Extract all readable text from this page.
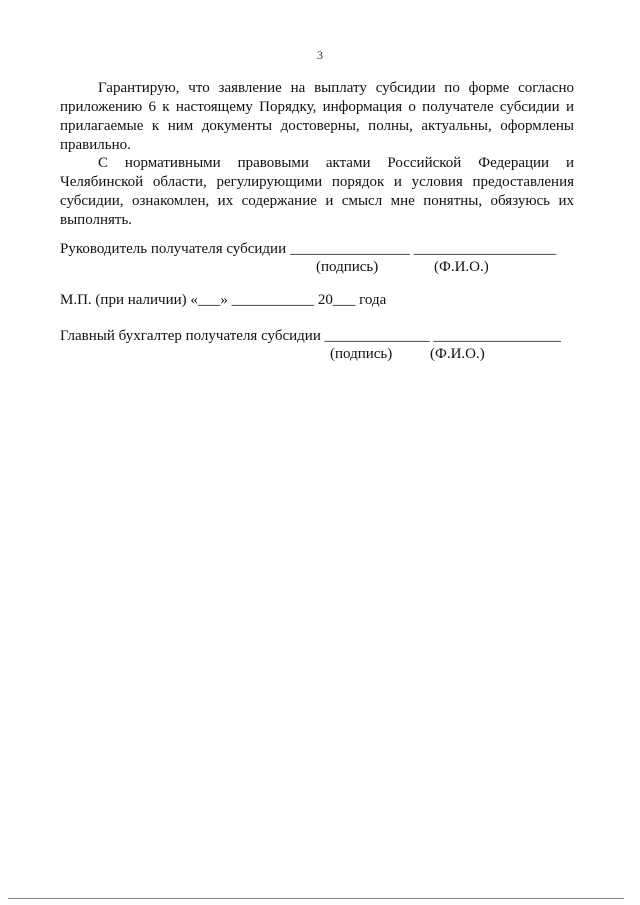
3
Гарантирую, что заявление на выплату субсидии по форме согласно приложению 6 к настоящему Порядку, информация о получателе субсидии и прилагаемые к ним документы достоверны, полны, актуальны, оформлены правильно.
С нормативными правовыми актами Российской Федерации и Челябинской области, регулирующими порядок и условия предоставления субсидии, ознакомлен, их содержание и смысл мне понятны, обязуюсь их выполнять.
Руководитель получателя субсидии ________________ ___________________
(подпись)	(Ф.И.О.)
М.П. (при наличии) «___» ___________ 20___ года
Главный бухгалтер получателя субсидии ______________ _________________
(подпись)	(Ф.И.О.)
